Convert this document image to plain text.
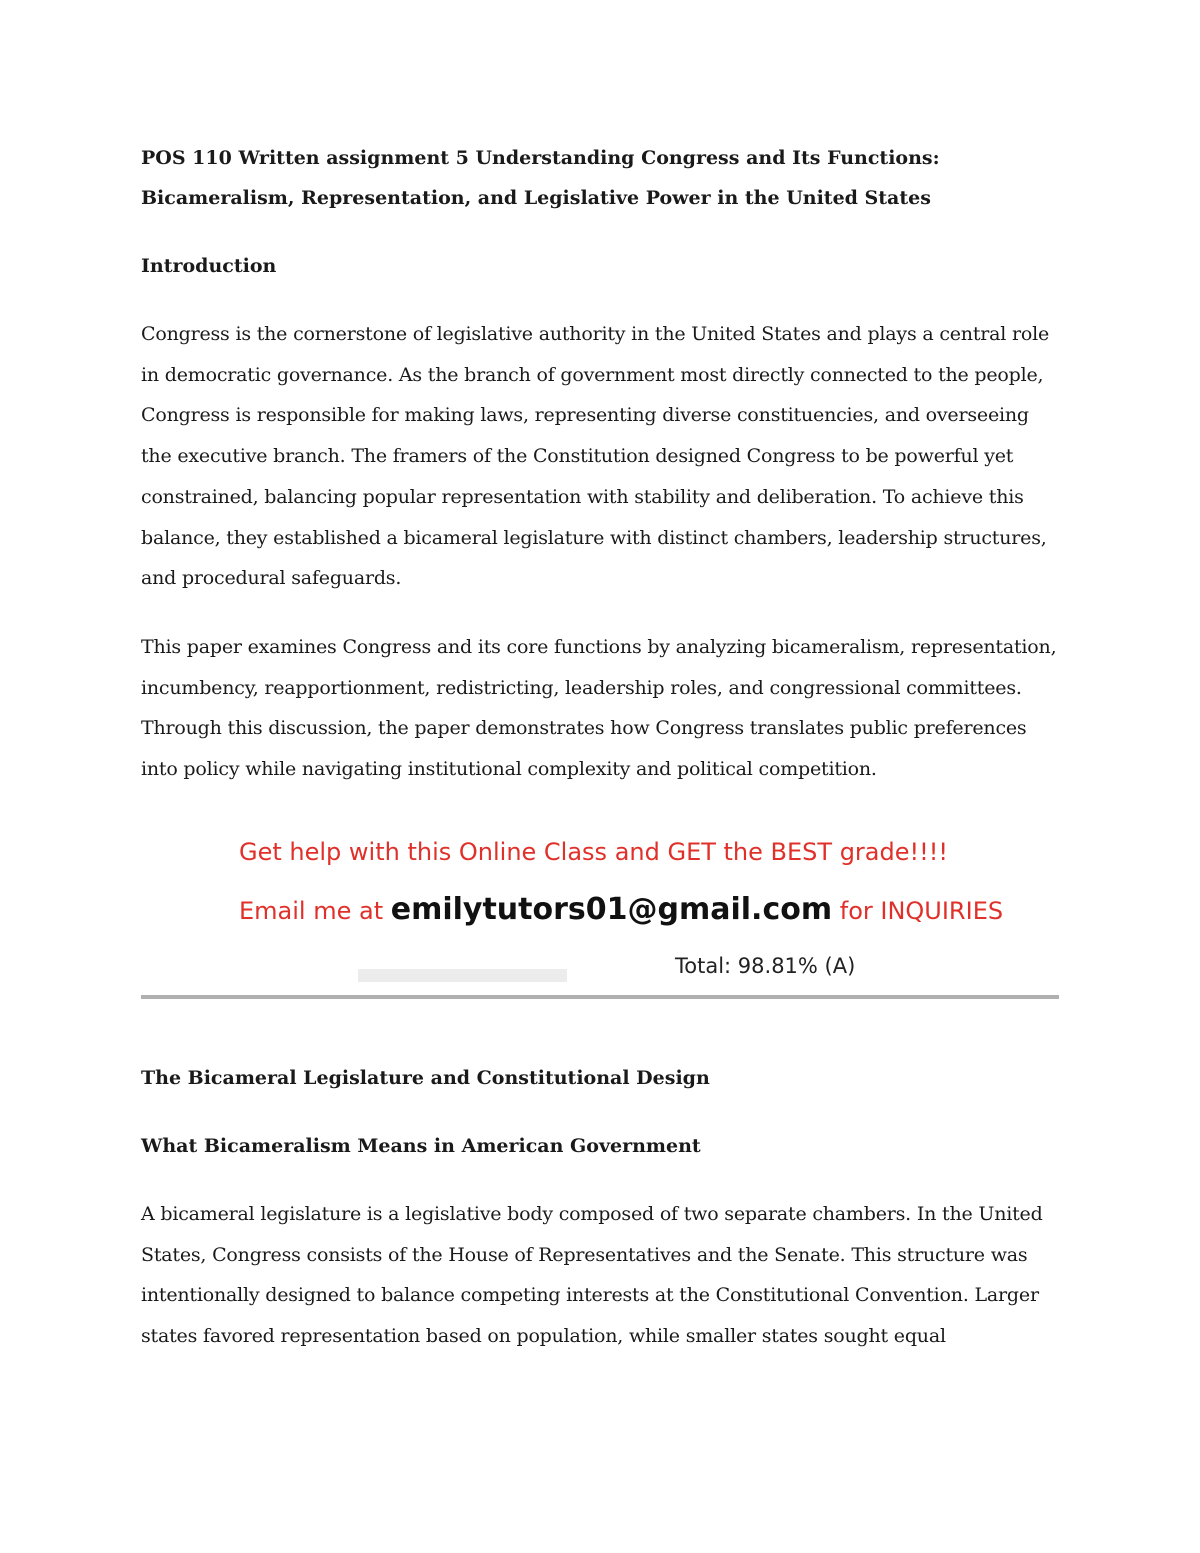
POS 110 Written assignment 5 Understanding Congress and Its Functions: Bicameralism, Representation, and Legislative Power in the United States

Introduction

Congress is the cornerstone of legislative authority in the United States and plays a central role in democratic governance. As the branch of government most directly connected to the people, Congress is responsible for making laws, representing diverse constituencies, and overseeing the executive branch. The framers of the Constitution designed Congress to be powerful yet constrained, balancing popular representation with stability and deliberation. To achieve this balance, they established a bicameral legislature with distinct chambers, leadership structures, and procedural safeguards.

This paper examines Congress and its core functions by analyzing bicameralism, representation, incumbency, reapportionment, redistricting, leadership roles, and congressional committees. Through this discussion, the paper demonstrates how Congress translates public preferences into policy while navigating institutional complexity and political competition.

Get help with this Online Class and GET the BEST grade!!!!
Email me at emilytutors01@gmail.com for INQUIRIES
Total: 98.81% (A)

The Bicameral Legislature and Constitutional Design

What Bicameralism Means in American Government

A bicameral legislature is a legislative body composed of two separate chambers. In the United States, Congress consists of the House of Representatives and the Senate. This structure was intentionally designed to balance competing interests at the Constitutional Convention. Larger states favored representation based on population, while smaller states sought equal
